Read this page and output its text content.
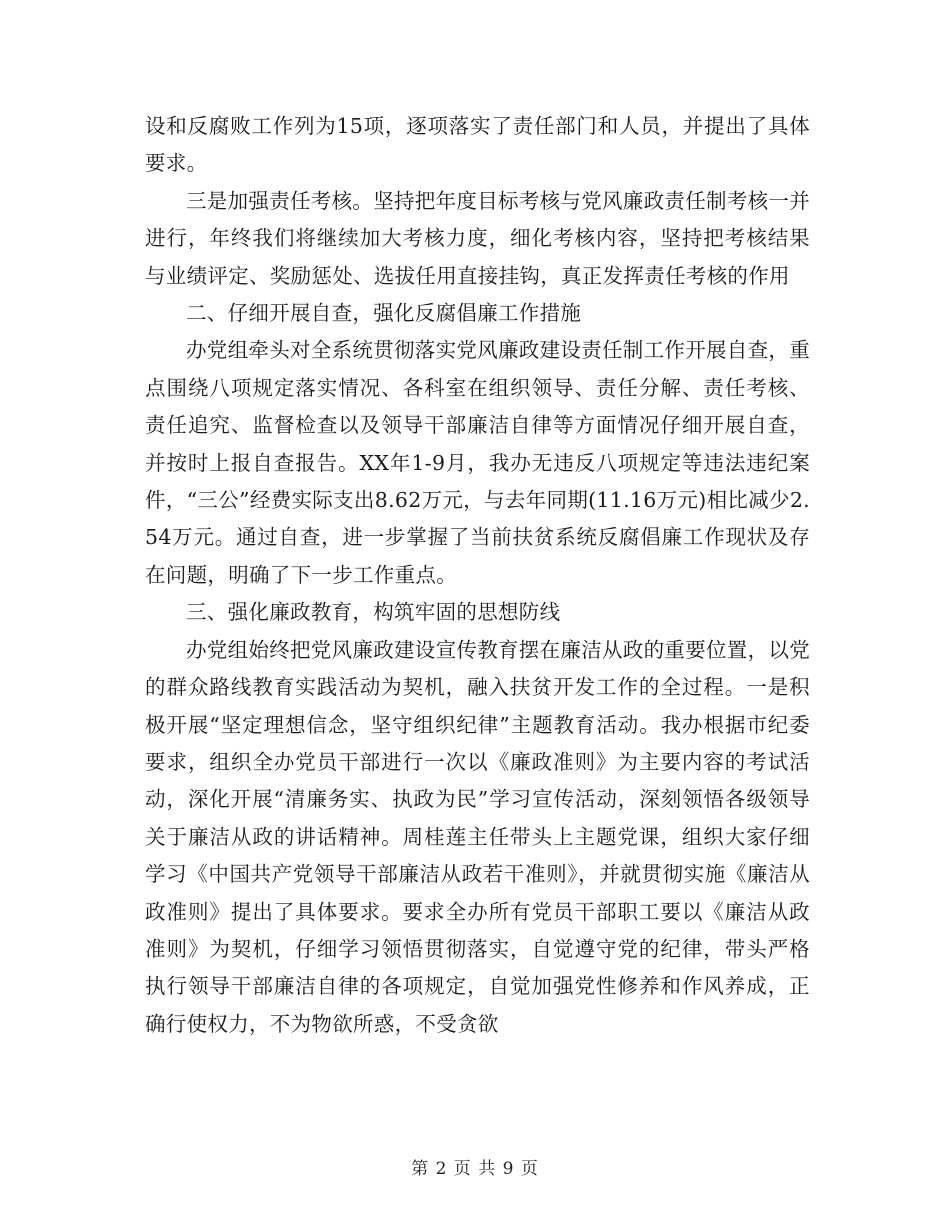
设和反腐败工作列为15项，逐项落实了责任部门和人员，并提出了具体要求。

三是加强责任考核。坚持把年度目标考核与党风廉政责任制考核一并进行，年终我们将继续加大考核力度，细化考核内容，坚持把考核结果与业绩评定、奖励惩处、选拔任用直接挂钩，真正发挥责任考核的作用

二、仔细开展自查，强化反腐倡廉工作措施

办党组牵头对全系统贯彻落实党风廉政建设责任制工作开展自查，重点围绕八项规定落实情况、各科室在组织领导、责任分解、责任考核、责任追究、监督检查以及领导干部廉洁自律等方面情况仔细开展自查，并按时上报自查报告。XX年1-9月，我办无违反八项规定等违法违纪案件，“三公”经费实际支出8.62万元，与去年同期(11.16万元)相比减少2.54万元。通过自查，进一步掌握了当前扶贫系统反腐倡廉工作现状及存在问题，明确了下一步工作重点。

三、强化廉政教育，构筑牢固的思想防线

办党组始终把党风廉政建设宣传教育摆在廉洁从政的重要位置，以党的群众路线教育实践活动为契机，融入扶贫开发工作的全过程。一是积极开展“坚定理想信念，坚守组织纪律”主题教育活动。我办根据市纪委要求，组织全办党员干部进行一次以《廉政准则》为主要内容的考试活动，深化开展“清廉务实、执政为民”学习宣传活动，深刻领悟各级领导关于廉洁从政的讲话精神。周桂莲主任带头上主题党课，组织大家仔细学习《中国共产党领导干部廉洁从政若干准则》，并就贯彻实施《廉洁从政准则》提出了具体要求。要求全办所有党员干部职工要以《廉洁从政准则》为契机，仔细学习领悟贯彻落实，自觉遵守党的纪律，带头严格执行领导干部廉洁自律的各项规定，自觉加强党性修养和作风养成，正确行使权力，不为物欲所惑，不受贪欲

第 2 页 共 9 页
